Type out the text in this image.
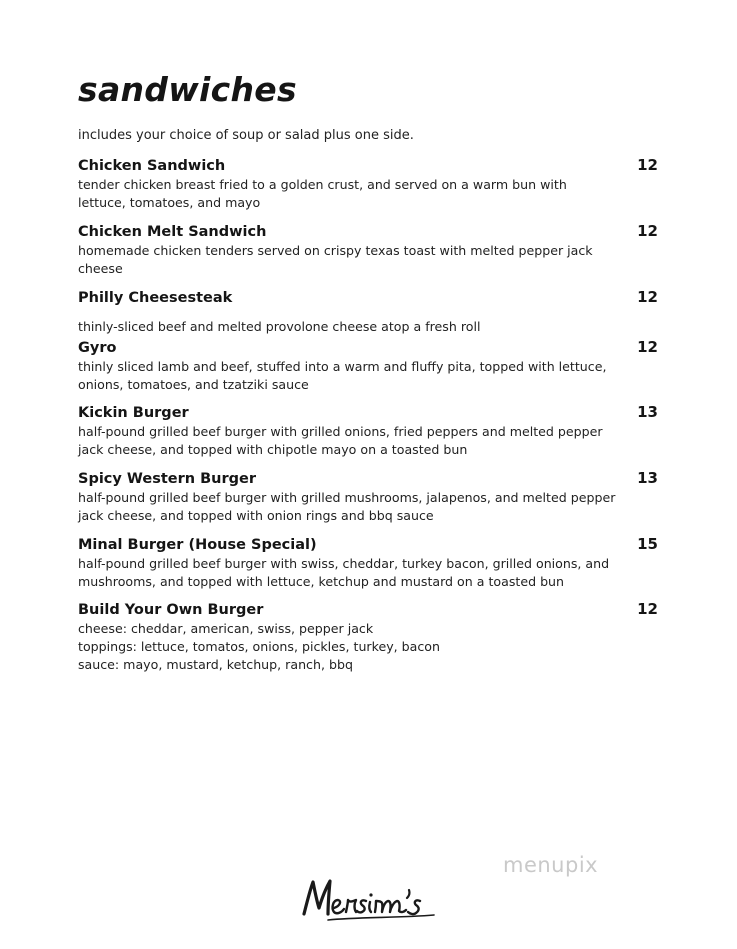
sandwiches

includes your choice of soup or salad plus one side.

Chicken Sandwich	12

tender chicken breast fried to a golden crust, and served on a warm bun with

lettuce, tomatoes, and mayo

Chicken Melt Sandwich	12

homemade chicken tenders served on crispy texas toast with melted pepper jack

cheese

Philly Cheesesteak	12

thinly-sliced beef and melted provolone cheese atop a fresh roll

Gyro	12

thinly sliced lamb and beef, stuffed into a warm and fluffy pita, topped with lettuce,

onions, tomatoes, and tzatziki sauce

Kickin Burger	13

half-pound grilled beef burger with grilled onions, fried peppers and melted pepper

jack cheese, and topped with chipotle mayo on a toasted bun

Spicy Western Burger	13

half-pound grilled beef burger with grilled mushrooms, jalapenos, and melted pepper

jack cheese, and topped with onion rings and bbq sauce

Minal Burger (House Special)	15

half-pound grilled beef burger with swiss, cheddar, turkey bacon, grilled onions, and

mushrooms, and topped with lettuce, ketchup and mustard on a toasted bun

Build Your Own Burger	12

cheese: cheddar, american, swiss, pepper jack

toppings: lettuce, tomatos, onions, pickles, turkey, bacon

sauce: mayo, mustard, ketchup, ranch, bbq

menupix
